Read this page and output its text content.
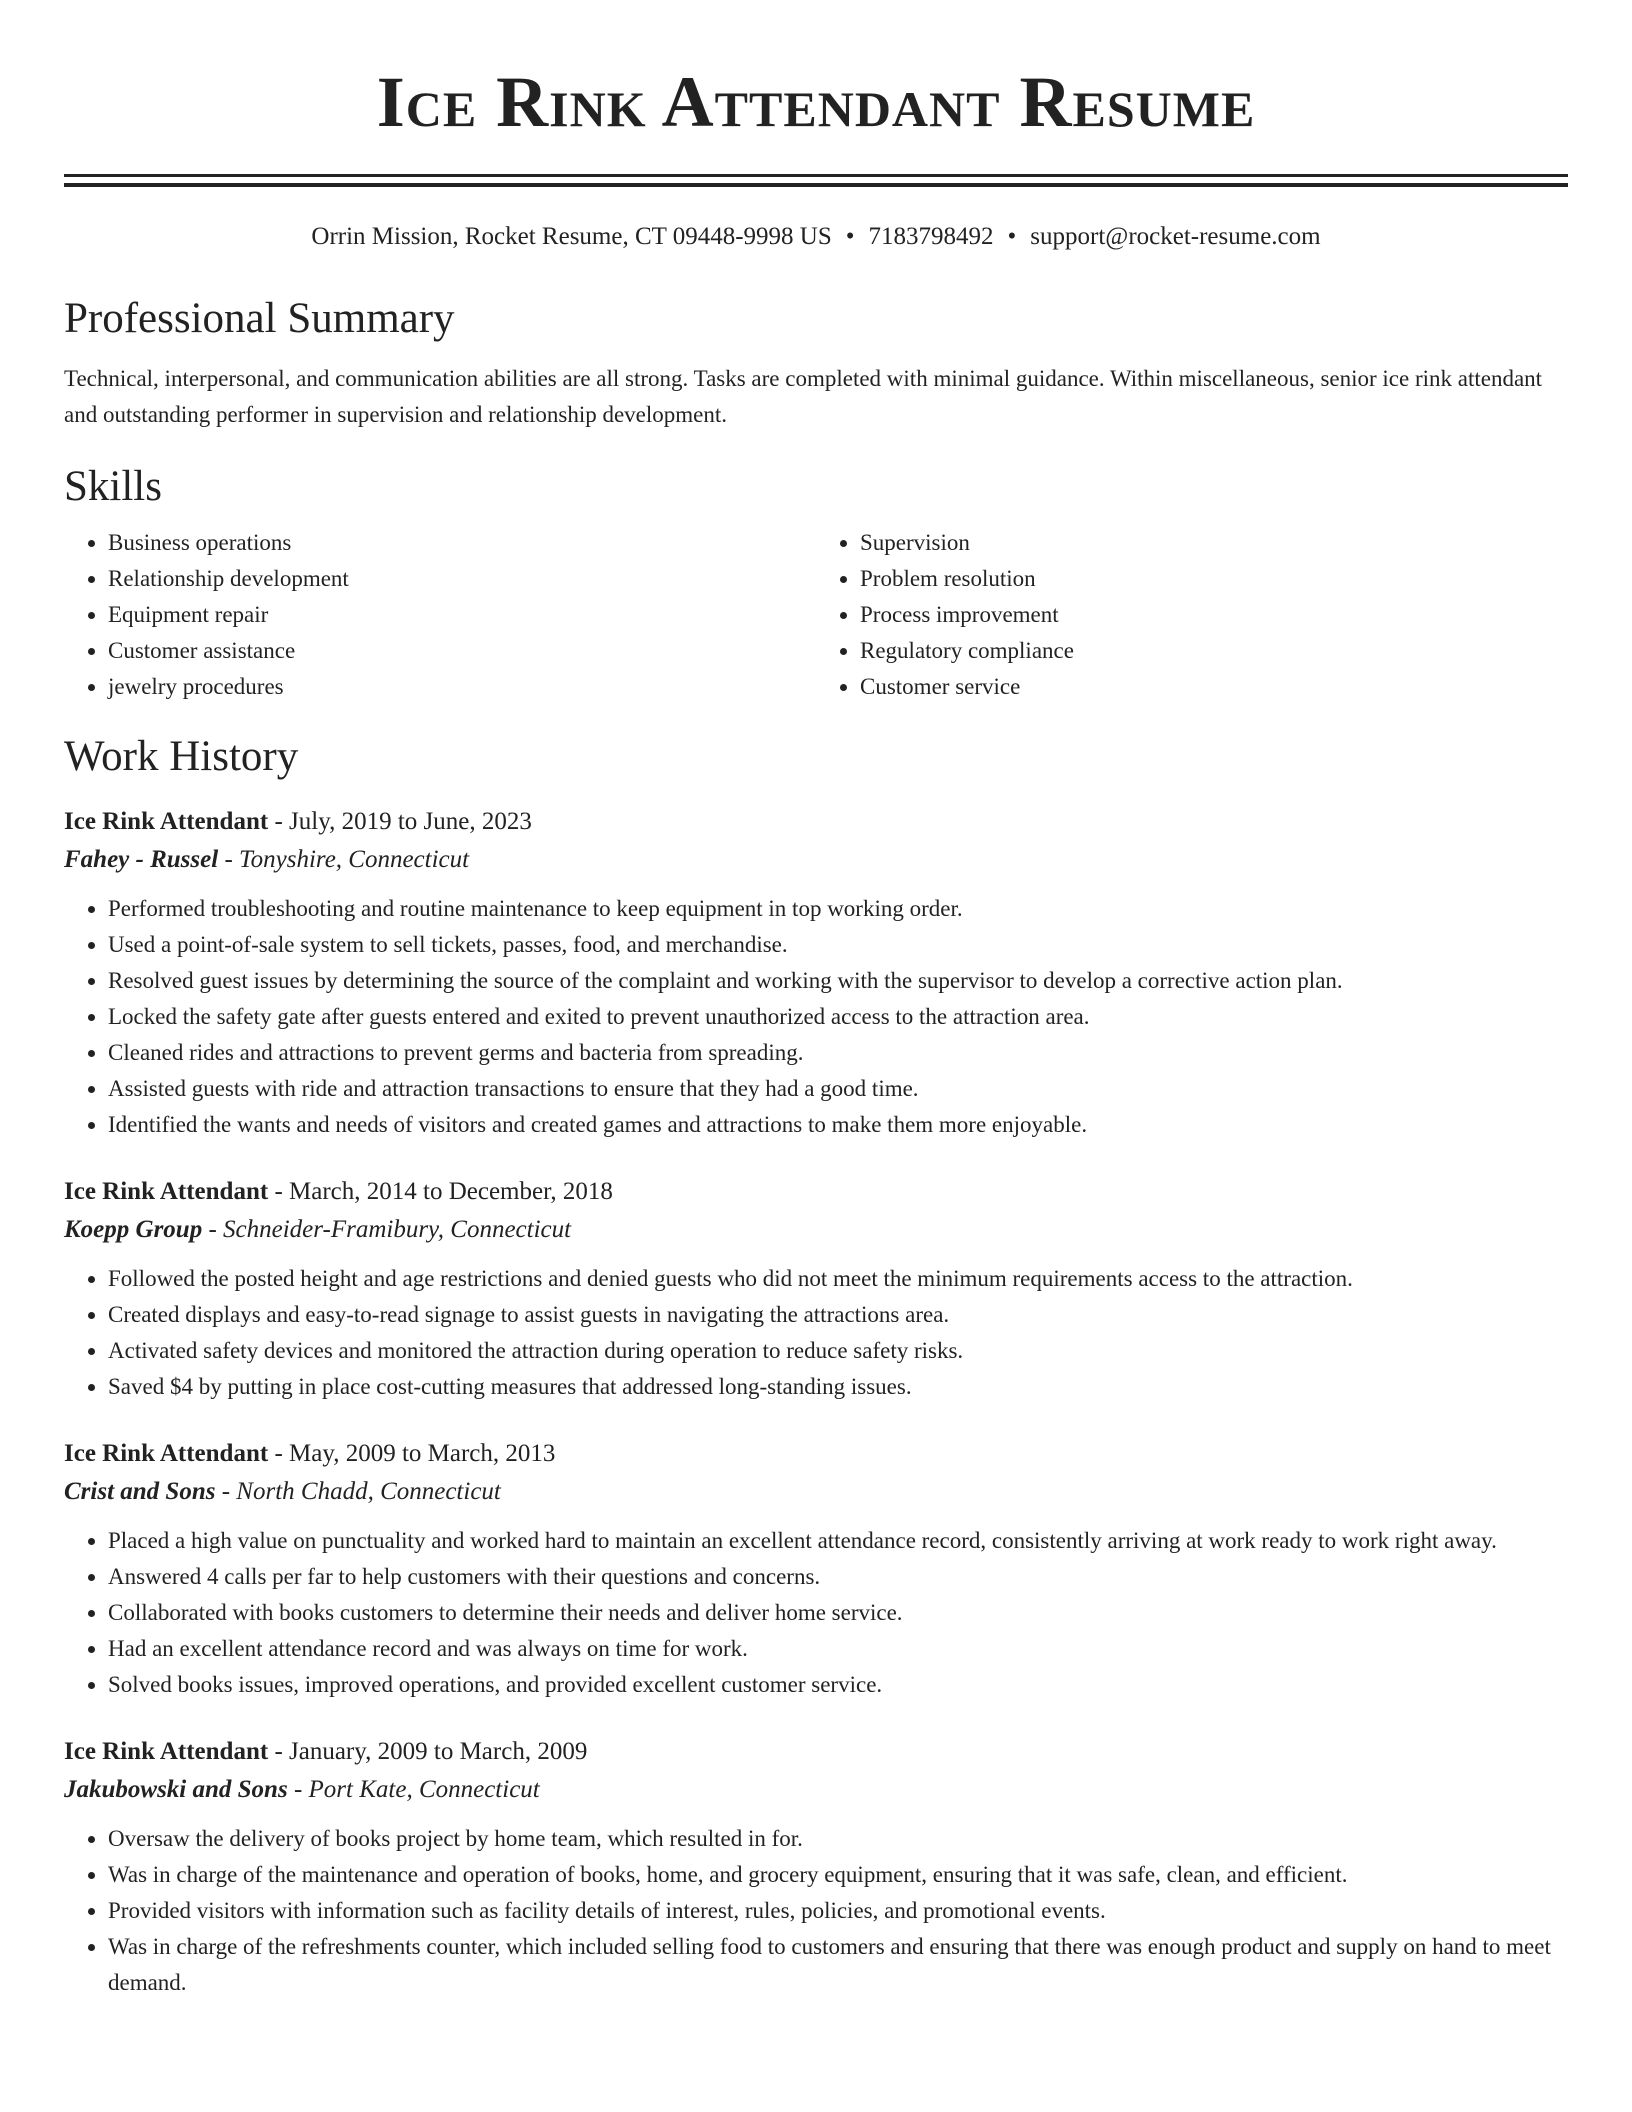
Ice Rink Attendant Resume
Orrin Mission, Rocket Resume, CT 09448-9998 US • 7183798492 • support@rocket-resume.com
Professional Summary

Technical, interpersonal, and communication abilities are all strong. Tasks are completed with minimal guidance. Within miscellaneous, senior ice rink attendant and outstanding performer in supervision and relationship development.

Skills
• Business operations
• Relationship development
• Equipment repair
• Customer assistance
• jewelry procedures
• Supervision
• Problem resolution
• Process improvement
• Regulatory compliance
• Customer service
Work History
Ice Rink Attendant - July, 2019 to June, 2023
Fahey - Russel - Tonyshire, Connecticut
• Performed troubleshooting and routine maintenance to keep equipment in top working order.
• Used a point-of-sale system to sell tickets, passes, food, and merchandise.
• Resolved guest issues by determining the source of the complaint and working with the supervisor to develop a corrective action plan.
• Locked the safety gate after guests entered and exited to prevent unauthorized access to the attraction area.
• Cleaned rides and attractions to prevent germs and bacteria from spreading.
• Assisted guests with ride and attraction transactions to ensure that they had a good time.
• Identified the wants and needs of visitors and created games and attractions to make them more enjoyable.
Ice Rink Attendant - March, 2014 to December, 2018
Koepp Group - Schneider-Framibury, Connecticut
• Followed the posted height and age restrictions and denied guests who did not meet the minimum requirements access to the attraction.
• Created displays and easy-to-read signage to assist guests in navigating the attractions area.
• Activated safety devices and monitored the attraction during operation to reduce safety risks.
• Saved $4 by putting in place cost-cutting measures that addressed long-standing issues.
Ice Rink Attendant - May, 2009 to March, 2013
Crist and Sons - North Chadd, Connecticut
• Placed a high value on punctuality and worked hard to maintain an excellent attendance record, consistently arriving at work ready to work right away.
• Answered 4 calls per far to help customers with their questions and concerns.
• Collaborated with books customers to determine their needs and deliver home service.
• Had an excellent attendance record and was always on time for work.
• Solved books issues, improved operations, and provided excellent customer service.
Ice Rink Attendant - January, 2009 to March, 2009
Jakubowski and Sons - Port Kate, Connecticut
• Oversaw the delivery of books project by home team, which resulted in for.
• Was in charge of the maintenance and operation of books, home, and grocery equipment, ensuring that it was safe, clean, and efficient.
• Provided visitors with information such as facility details of interest, rules, policies, and promotional events.
• Was in charge of the refreshments counter, which included selling food to customers and ensuring that there was enough product and supply on hand to meet demand.
